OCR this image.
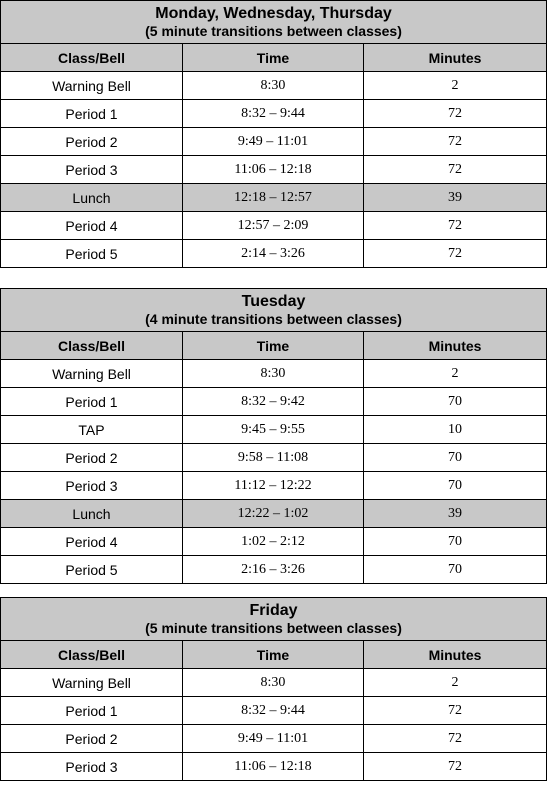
Monday, Wednesday, Thursday
(5 minute transitions between classes)		

Class/Bell	Time	Minutes
Warning Bell	8:30	2
Period 1	8:32 – 9:44	72
Period 2	9:49 – 11:01	72
Period 3	11:06 – 12:18	72
Lunch	12:18 – 12:57	39
Period 4	12:57 – 2:09	72
Period 5	2:14 – 3:26	72
Tuesday
(4 minute transitions between classes)		

Class/Bell	Time	Minutes
Warning Bell	8:30	2
Period 1	8:32 – 9:42	70
TAP	9:45 – 9:55	10
Period 2	9:58 – 11:08	70
Period 3	11:12 – 12:22	70
Lunch	12:22 – 1:02	39
Period 4	1:02 – 2:12	70
Period 5	2:16 – 3:26	70
Friday
(5 minute transitions between classes)		

Class/Bell	Time	Minutes
Warning Bell	8:30	2
Period 1	8:32 – 9:44	72
Period 2	9:49 – 11:01	72
Period 3	11:06 – 12:18	72
